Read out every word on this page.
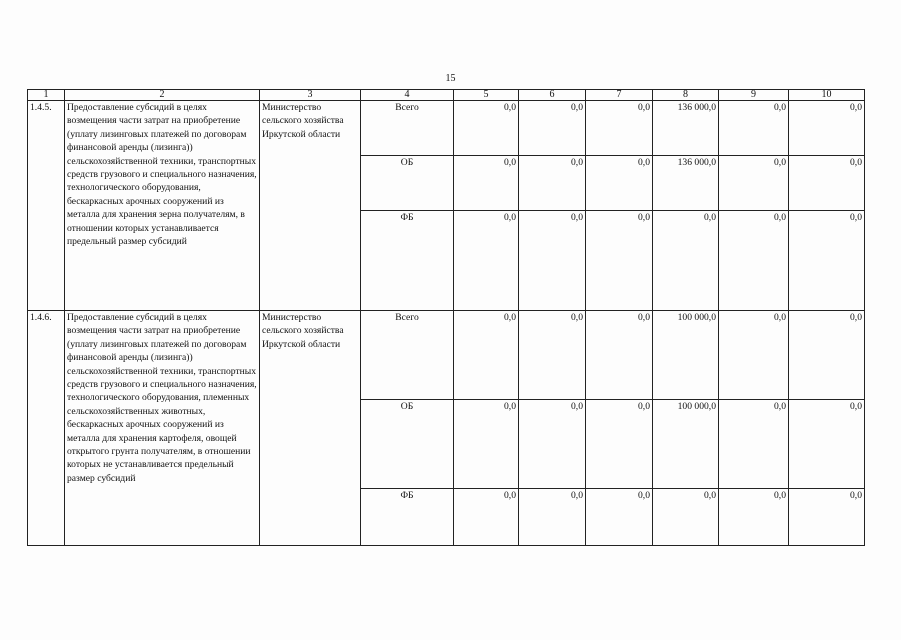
15
1	2	3	4	5	6	7	8	9	10
1.4.5.	Предоставление субсидий в целях возмещения части затрат на приобретение (уплату лизинговых платежей по договорам финансовой аренды (лизинга)) сельскохозяйственной техники, транспортных средств грузового и специального назначения, технологического оборудования, бескаркасных арочных сооружений из металла для хранения зерна получателям, в отношении которых устанавливается предельный размер субсидий	Министерство сельского хозяйства Иркутской области	Всего	0,0	0,0	0,0	136 000,0	0,0	0,0
			ОБ	0,0	0,0	0,0	136 000,0	0,0	0,0
			ФБ	0,0	0,0	0,0	0,0	0,0	0,0
1.4.6.	Предоставление субсидий в целях возмещения части затрат на приобретение (уплату лизинговых платежей по договорам финансовой аренды (лизинга)) сельскохозяйственной техники, транспортных средств грузового и специального назначения, технологического оборудования, племенных сельскохозяйственных животных, бескаркасных арочных сооружений из металла для хранения картофеля, овощей открытого грунта получателям, в отношении которых не устанавливается предельный размер субсидий	Министерство сельского хозяйства Иркутской области	Всего	0,0	0,0	0,0	100 000,0	0,0	0,0
			ОБ	0,0	0,0	0,0	100 000,0	0,0	0,0
			ФБ	0,0	0,0	0,0	0,0	0,0	0,0
